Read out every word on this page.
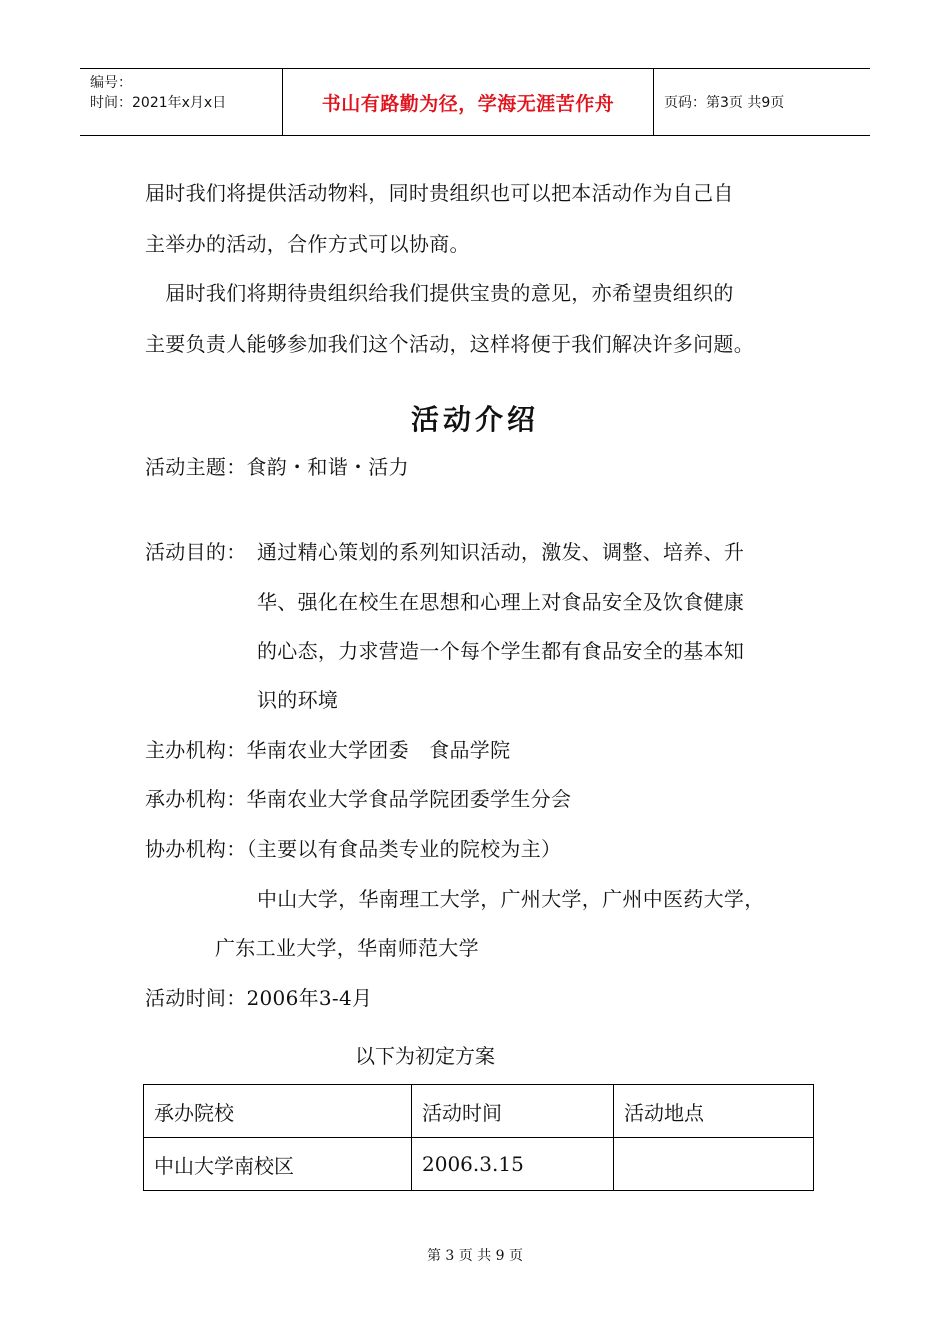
编号：
时间：2021年x月x日	书山有路勤为径，学海无涯苦作舟	页码：第3页 共9页
届时我们将提供活动物料，同时贵组织也可以把本活动作为自己自
主举办的活动，合作方式可以协商。
　届时我们将期待贵组织给我们提供宝贵的意见，亦希望贵组织的
主要负责人能够参加我们这个活动，这样将便于我们解决许多问题。
活动介绍
活动主题：食韵・和谐・活力
活动目的： 通过精心策划的系列知识活动，激发、调整、培养、升
华、强化在校生在思想和心理上对食品安全及饮食健康
的心态，力求营造一个每个学生都有食品安全的基本知
识的环境
主办机构：华南农业大学团委　食品学院
承办机构：华南农业大学食品学院团委学生分会
协办机构：（主要以有食品类专业的院校为主）
中山大学，华南理工大学，广州大学，广州中医药大学，
广东工业大学，华南师范大学
活动时间：2006年3-4月
以下为初定方案
承办院校	活动时间	活动地点
中山大学南校区	2006.3.15	
第 3 页 共 9 页
